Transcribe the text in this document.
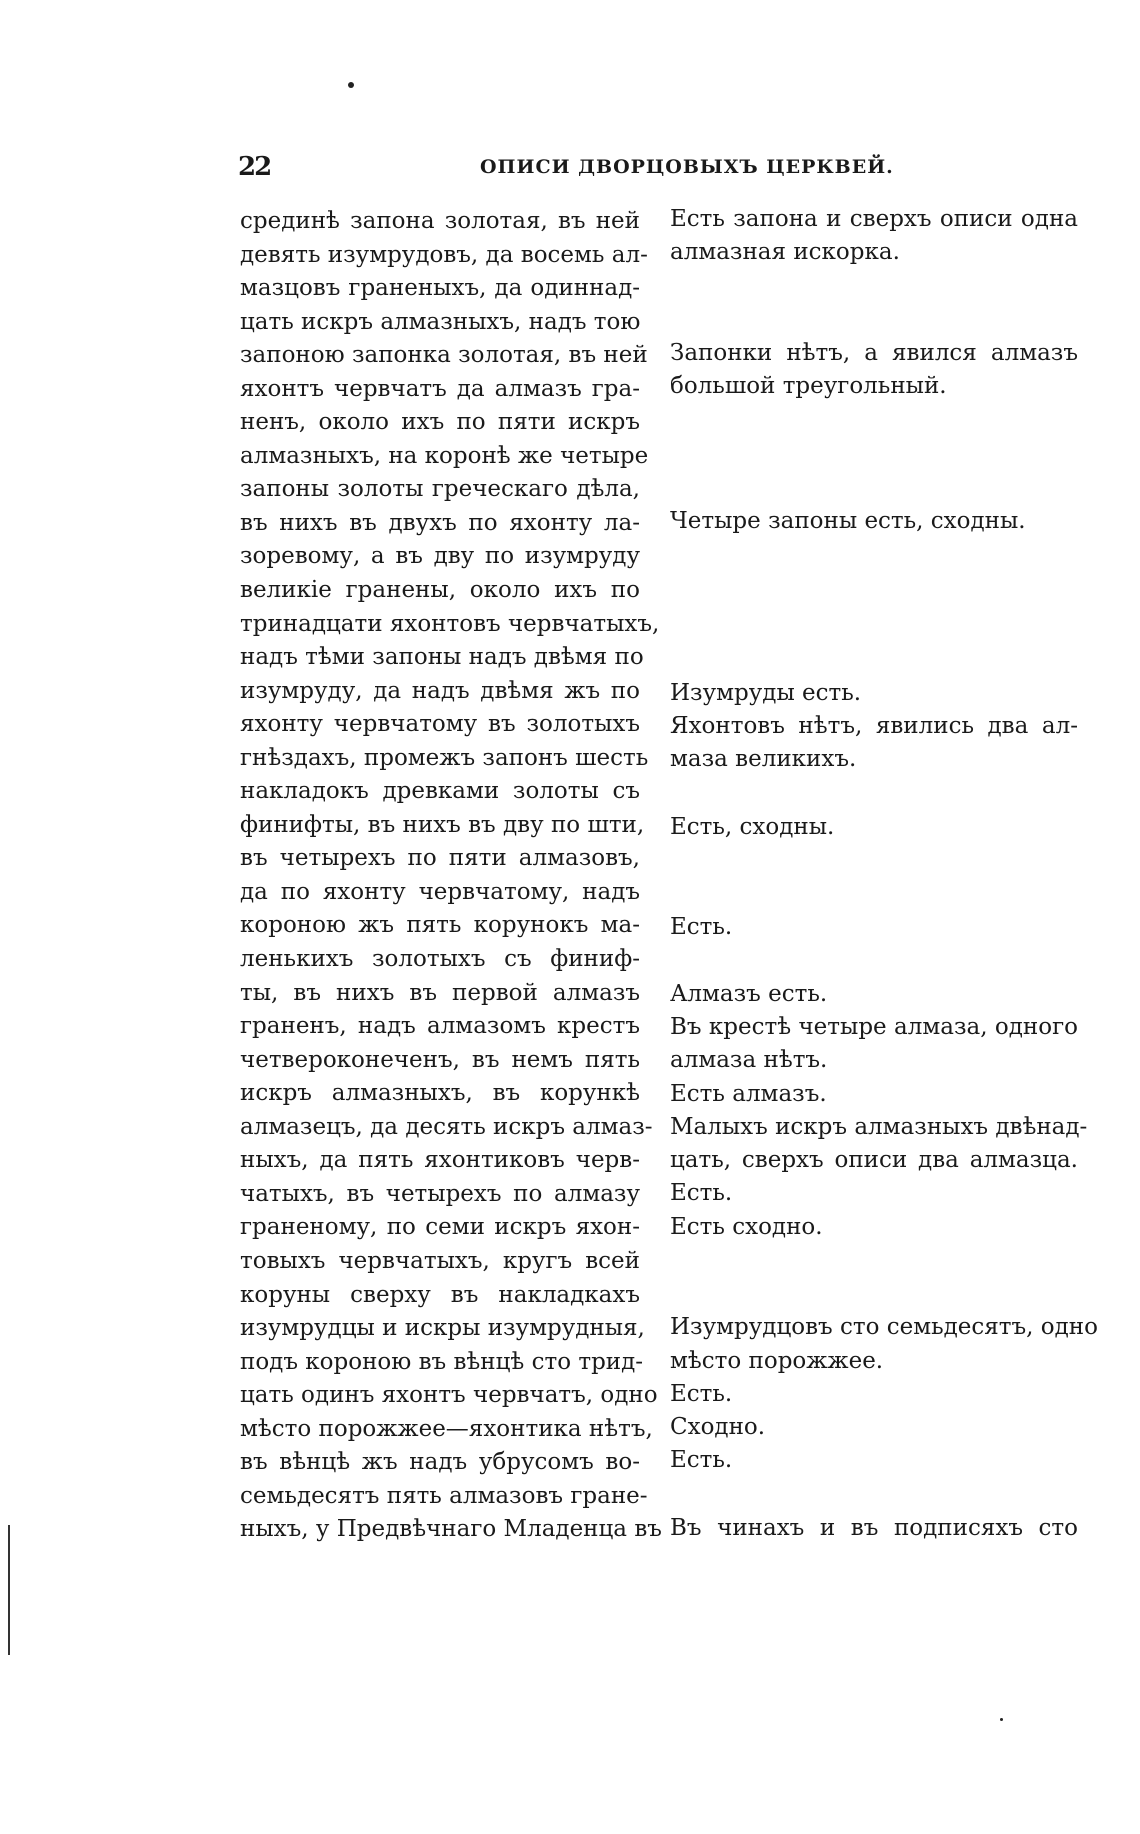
22	ОПИСИ ДВОРЦОВЫХЪ ЦЕРКВЕЙ.
срединѣ запона золотая, въ ней
девять изумрудовъ, да восемь ал-
мазцовъ граненыхъ, да одиннад-
цать искръ алмазныхъ, надъ тою
запоною запонка золотая, въ ней
яхонтъ червчатъ да алмазъ гра-
ненъ, около ихъ по пяти искръ
алмазныхъ, на коронѣ же четыре
запоны золоты греческаго дѣла,
въ нихъ въ двухъ по яхонту ла-
зоревому, а въ дву по изумруду
великіе гранены, около ихъ по
тринадцати яхонтовъ червчатыхъ,
надъ тѣми запоны надъ двѣмя по
изумруду, да надъ двѣмя жъ по
яхонту червчатому въ золотыхъ
гнѣздахъ, промежъ запонъ шесть
накладокъ древками золоты съ
финифты, въ нихъ въ дву по шти,
въ четырехъ по пяти алмазовъ,
да по яхонту червчатому, надъ
короною жъ пять корунокъ ма-
ленькихъ золотыхъ съ финиф-
ты, въ нихъ въ первой алмазъ
граненъ, надъ алмазомъ крестъ
четвероконеченъ, въ немъ пять
искръ алмазныхъ, въ корункѣ
алмазецъ, да десять искръ алмаз-
ныхъ, да пять яхонтиковъ черв-
чатыхъ, въ четырехъ по алмазу
граненому, по семи искръ яхон-
товыхъ червчатыхъ, кругъ всей
коруны сверху въ накладкахъ
изумрудцы и искры изумрудныя,
подъ короною въ вѣнцѣ сто трид-
цать одинъ яхонтъ червчатъ, одно
мѣсто порожжее—яхонтика нѣтъ,
въ вѣнцѣ жъ надъ убрусомъ во-
семьдесятъ пять алмазовъ гране-
ныхъ, у Предвѣчнаго Младенца въ
Есть запона и сверхъ описи одна
алмазная искорка.
Запонки нѣтъ, а явился алмазъ
большой треугольный.
Четыре запоны есть, сходны.
Изумруды есть.
Яхонтовъ нѣтъ, явились два ал-
маза великихъ.
Есть, сходны.
Есть.
Алмазъ есть.
Въ крестѣ четыре алмаза, одного
алмаза нѣтъ.
Есть алмазъ.
Малыхъ искръ алмазныхъ двѣнад-
цать, сверхъ описи два алмазца.
Есть.
Есть сходно.
Изумрудцовъ сто семьдесятъ, одно
мѣсто порожжее.
Есть.
Сходно.
Есть.
Въ чинахъ и въ подписяхъ сто
